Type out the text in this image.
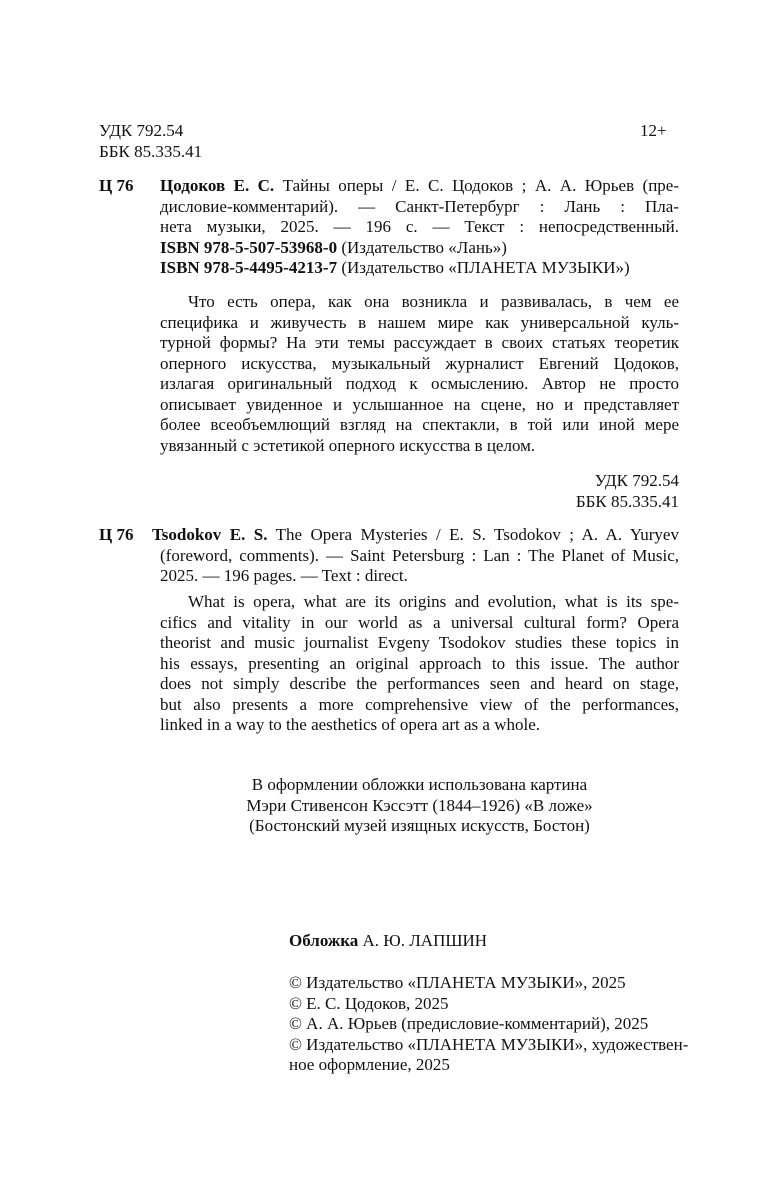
УДК 792.54
ББК 85.335.41
12+
Ц 76 Цодоков Е. С. Тайны оперы / Е. С. Цодоков ; А. А. Юрьев (пре-
дисловие-комментарий). — Санкт-Петербург : Лань : Пла-
нета музыки, 2025. — 196 с. — Текст : непосредственный.
ISBN 978-5-507-53968-0 (Издательство «Лань»)
ISBN 978-5-4495-4213-7 (Издательство «ПЛАНЕТА МУЗЫКИ»)
Что есть опера, как она возникла и развивалась, в чем ее
специфика и живучесть в нашем мире как универсальной куль-
турной формы? На эти темы рассуждает в своих статьях теоретик
оперного искусства, музыкальный журналист Евгений Цодоков,
излагая оригинальный подход к осмыслению. Автор не просто
описывает увиденное и услышанное на сцене, но и представляет
более всеобъемлющий взгляд на спектакли, в той или иной мере
увязанный с эстетикой оперного искусства в целом.
УДК 792.54
ББК 85.335.41
Ц 76	Tsodokov E. S. The Opera Mysteries / E. S. Tsodokov ; A. A. Yuryev
(foreword, comments). — Saint Petersburg : Lan : The Planet of Music,
2025. — 196 pages. — Text : direct.
What is opera, what are its origins and evolution, what is its spe-
cifics and vitality in our world as a universal cultural form? Opera
theorist and music journalist Evgeny Tsodokov studies these topics in
his essays, presenting an original approach to this issue. The author
does not simply describe the performances seen and heard on stage,
but also presents a more comprehensive view of the performances,
linked in a way to the aesthetics of opera art as a whole.
В оформлении обложки использована картина
Мэри Стивенсон Кэссэтт (1844–1926) «В ложе»
(Бостонский музей изящных искусств, Бостон)
Обложка А. Ю. ЛАПШИН
© Издательство «ПЛАНЕТА МУЗЫКИ», 2025
© Е. С. Цодоков, 2025
© А. А. Юрьев (предисловие-комментарий), 2025
© Издательство «ПЛАНЕТА МУЗЫКИ», художествен-
ное оформление, 2025
